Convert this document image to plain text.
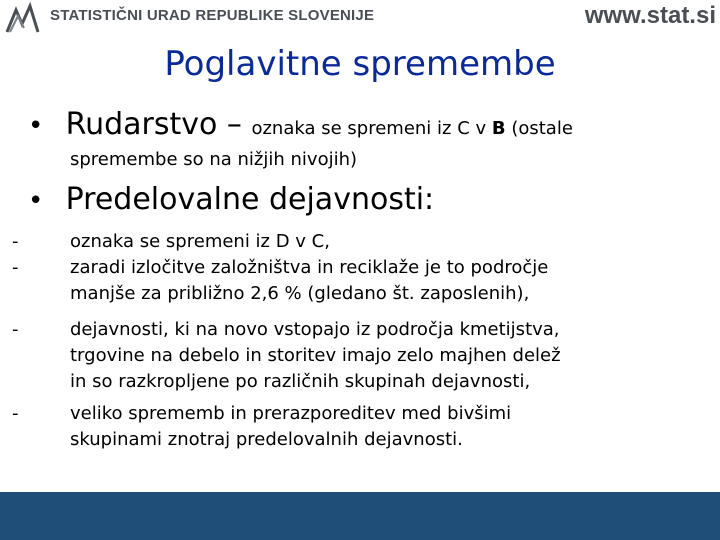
STATISTIČNI URAD REPUBLIKE SLOVENIJE	www.stat.si
Poglavitne spremembe
• Rudarstvo – oznaka se spremeni iz C v B (ostale
spremembe so na nižjih nivojih)
• Predelovalne dejavnosti:
-	oznaka se spremeni iz D v C,
-	zaradi izločitve založništva in reciklaže je to področje
manjše za približno 2,6 % (gledano št. zaposlenih),
-	dejavnosti, ki na novo vstopajo iz področja kmetijstva,
trgovine na debelo in storitev imajo zelo majhen delež
in so razkropljene po različnih skupinah dejavnosti,
-	veliko sprememb in prerazporeditev med bivšimi
skupinami znotraj predelovalnih dejavnosti.
